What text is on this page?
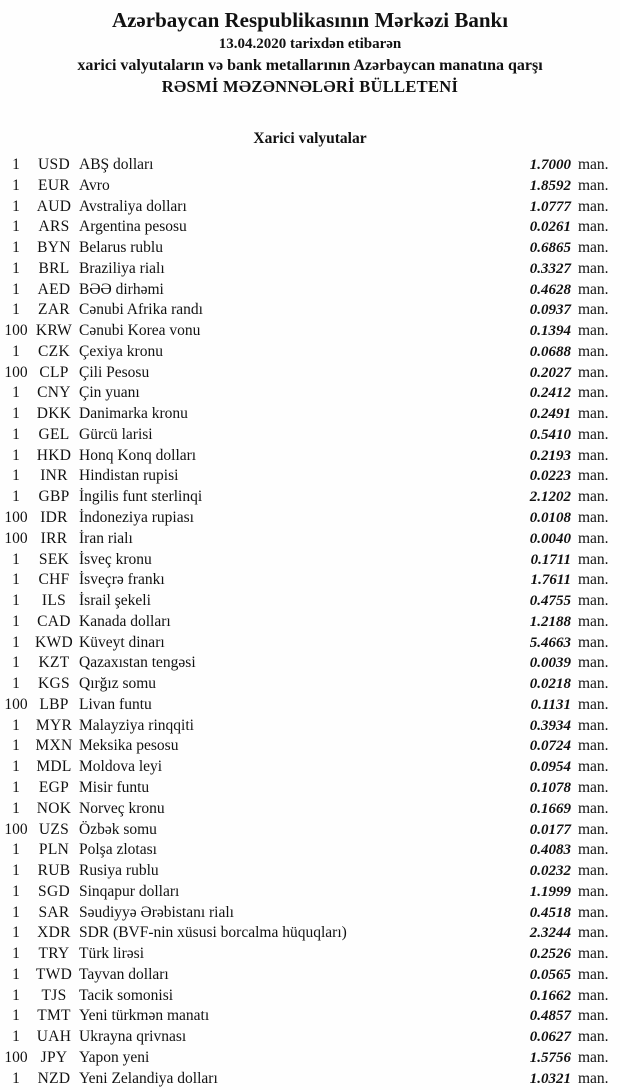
Azərbaycan Respublikasının Mərkəzi Bankı
13.04.2020 tarixdən etibarən
xarici valyutaların və bank metallarının Azərbaycan manatına qarşı
RƏSMİ MƏZƏNNƏLƏRİ BÜLLETENİ
Xarici valyutalar
1	USD ABŞ dolları	1.7000 man.
1	EUR Avro	1.8592 man.
1	AUD Avstraliya dolları	1.0777 man.
1	ARS Argentina pesosu	0.0261 man.
1	BYN Belarus rublu	0.6865 man.
1	BRL Braziliya rialı	0.3327 man.
1	AED BƏƏ dirhəmi	0.4628 man.
1	ZAR Cənubi Afrika randı	0.0937 man.
100 KRW Cənubi Korea vonu	0.1394 man.
1	CZK Çexiya kronu	0.0688 man.
100 CLP Çili Pesosu	0.2027 man.
1	CNY Çin yuanı	0.2412 man.
1	DKK Danimarka kronu	0.2491 man.
1	GEL Gürcü larisi	0.5410 man.
1	HKD Honq Konq dolları	0.2193 man.
1	INR Hindistan rupisi	0.0223 man.
1	GBP İngilis funt sterlinqi	2.1202 man.
100 IDR İndoneziya rupiası	0.0108 man.
100 IRR İran rialı	0.0040 man.
1	SEK İsveç kronu	0.1711 man.
1	CHF İsveçrə frankı	1.7611 man.
1	ILS İsrail şekeli	0.4755 man.
1	CAD Kanada dolları	1.2188 man.
1 KWD Küveyt dinarı	5.4663 man.
1	KZT Qazaxıstan tengəsi	0.0039 man.
1	KGS Qırğız somu	0.0218 man.
100 LBP Livan funtu	0.1131 man.
1	MYR Malayziya rinqqiti	0.3934 man.
1	MXN Meksika pesosu	0.0724 man.
1	MDL Moldova leyi	0.0954 man.
1	EGP Misir funtu	0.1078 man.
1	NOK Norveç kronu	0.1669 man.
100 UZS Özbək somu	0.0177 man.
1	PLN Polşa zlotası	0.4083 man.
1	RUB Rusiya rublu	0.0232 man.
1	SGD Sinqapur dolları	1.1999 man.
1	SAR Səudiyyə Ərəbistanı rialı	0.4518 man.
1	XDR SDR (BVF-nin xüsusi borcalma hüquqları)	2.3244 man.
1	TRY Türk lirəsi	0.2526 man.
1	TWD Tayvan dolları	0.0565 man.
1	TJS Tacik somonisi	0.1662 man.
1	TMT Yeni türkmən manatı	0.4857 man.
1	UAH Ukrayna qrivnası	0.0627 man.
100 JPY Yapon yeni	1.5756 man.
1	NZD Yeni Zelandiya dolları	1.0321 man.
